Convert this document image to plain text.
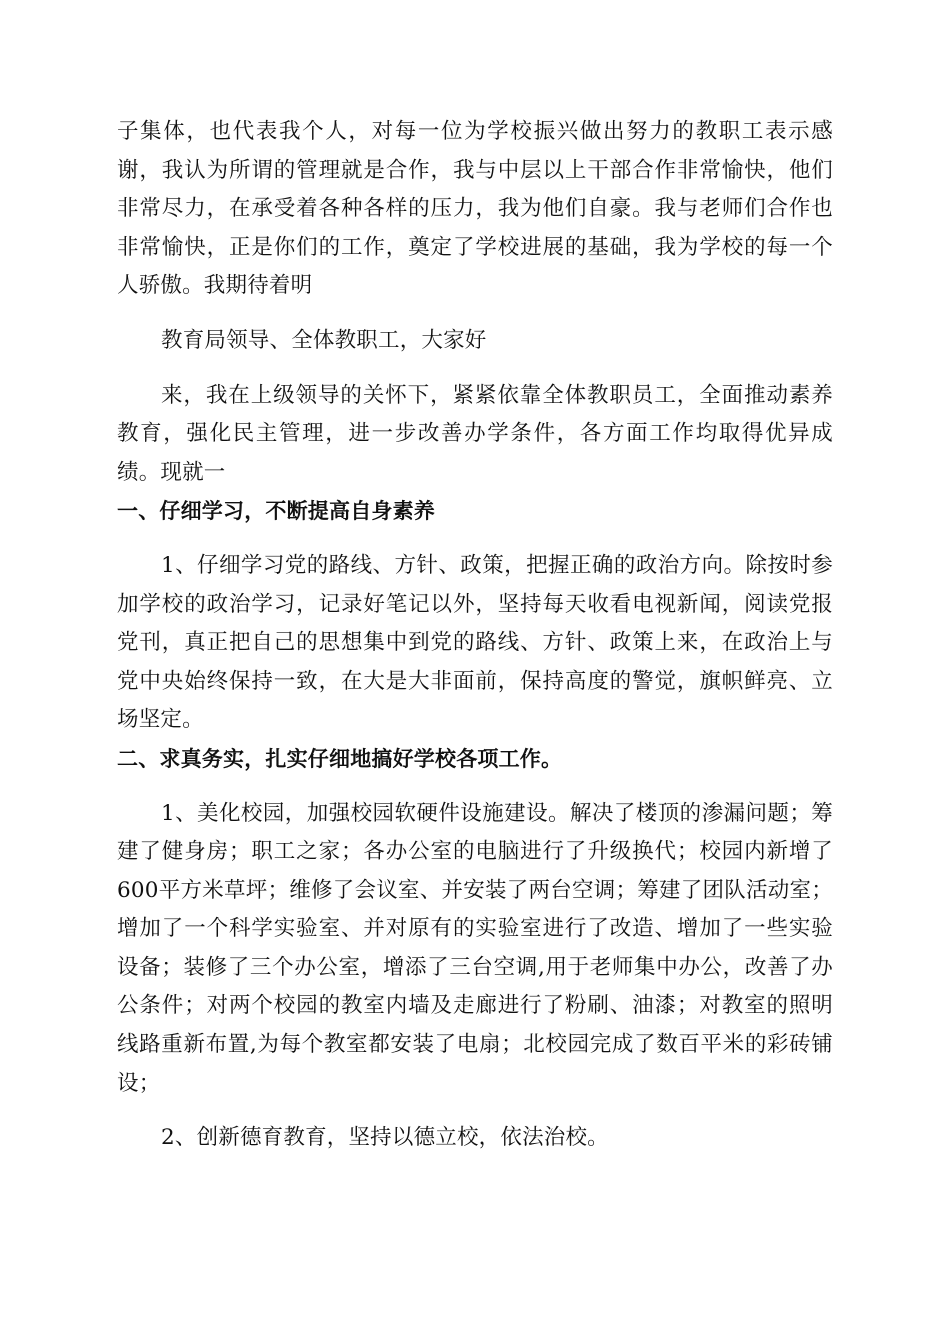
子集体，也代表我个人，对每一位为学校振兴做出努力的教职工表示感谢，我认为所谓的管理就是合作，我与中层以上干部合作非常愉快，他们非常尽力，在承受着各种各样的压力，我为他们自豪。我与老师们合作也非常愉快，正是你们的工作，奠定了学校进展的基础，我为学校的每一个人骄傲。我期待着明

教育局领导、全体教职工，大家好

来，我在上级领导的关怀下，紧紧依靠全体教职员工，全面推动素养教育，强化民主管理，进一步改善办学条件，各方面工作均取得优异成绩。现就一

一、仔细学习，不断提高自身素养

1、仔细学习党的路线、方针、政策，把握正确的政治方向。除按时参加学校的政治学习，记录好笔记以外，坚持每天收看电视新闻，阅读党报党刊，真正把自己的思想集中到党的路线、方针、政策上来，在政治上与党中央始终保持一致，在大是大非面前，保持高度的警觉，旗帜鲜亮、立场坚定。

二、求真务实，扎实仔细地搞好学校各项工作。

1、美化校园，加强校园软硬件设施建设。解决了楼顶的渗漏问题；筹建了健身房；职工之家；各办公室的电脑进行了升级换代；校园内新增了600平方米草坪；维修了会议室、并安装了两台空调；筹建了团队活动室；增加了一个科学实验室、并对原有的实验室进行了改造、增加了一些实验设备；装修了三个办公室，增添了三台空调,用于老师集中办公，改善了办公条件；对两个校园的教室内墙及走廊进行了粉刷、油漆；对教室的照明线路重新布置,为每个教室都安装了电扇；北校园完成了数百平米的彩砖铺设；

2、创新德育教育，坚持以德立校，依法治校。
